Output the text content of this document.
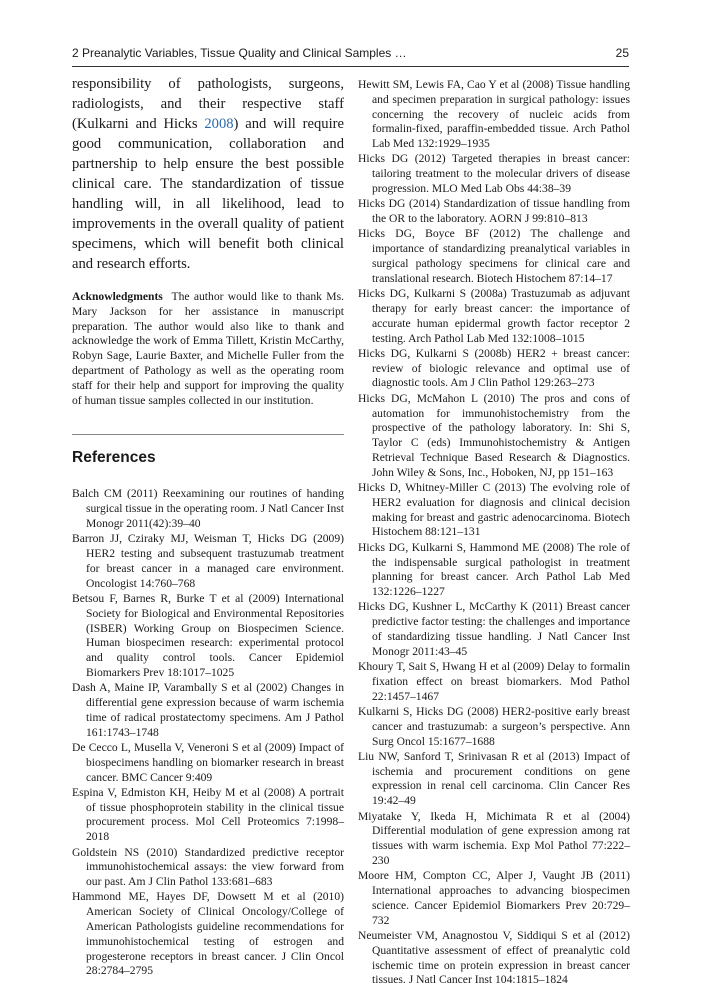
2 Preanalytic Variables, Tissue Quality and Clinical Samples …	25

responsibility of pathologists, surgeons, radiologists, and their respective staff (Kulkarni and Hicks 2008) and will require good communication, collaboration and partnership to help ensure the best possible clinical care. The standardization of tissue handling will, in all likelihood, lead to improvements in the overall quality of patient specimens, which will benefit both clinical and research efforts.

Acknowledgments The author would like to thank Ms. Mary Jackson for her assistance in manuscript preparation. The author would also like to thank and acknowledge the work of Emma Tillett, Kristin McCarthy, Robyn Sage, Laurie Baxter, and Michelle Fuller from the department of Pathology as well as the operating room staff for their help and support for improving the quality of human tissue samples collected in our institution.
References
Balch CM (2011) Reexamining our routines of handing surgical tissue in the operating room. J Natl Cancer Inst Monogr 2011(42):39–40
Barron JJ, Cziraky MJ, Weisman T, Hicks DG (2009) HER2 testing and subsequent trastuzumab treatment for breast cancer in a managed care environment. Oncologist 14:760–768
Betsou F, Barnes R, Burke T et al (2009) International Society for Biological and Environmental Repositories (ISBER) Working Group on Biospecimen Science. Human biospecimen research: experimental protocol and quality control tools. Cancer Epidemiol Biomarkers Prev 18:1017–1025
Dash A, Maine IP, Varambally S et al (2002) Changes in differential gene expression because of warm ischemia time of radical prostatectomy specimens. Am J Pathol 161:1743–1748
De Cecco L, Musella V, Veneroni S et al (2009) Impact of biospecimens handling on biomarker research in breast cancer. BMC Cancer 9:409
Espina V, Edmiston KH, Heiby M et al (2008) A portrait of tissue phosphoprotein stability in the clinical tissue procurement process. Mol Cell Proteomics 7:1998–2018
Goldstein NS (2010) Standardized predictive receptor immunohistochemical assays: the view forward from our past. Am J Clin Pathol 133:681–683
Hammond ME, Hayes DF, Dowsett M et al (2010) American Society of Clinical Oncology/College of American Pathologists guideline recommendations for immunohistochemical testing of estrogen and progesterone receptors in breast cancer. J Clin Oncol 28:2784–2795
Hewitt SM, Lewis FA, Cao Y et al (2008) Tissue handling and specimen preparation in surgical pathology: issues concerning the recovery of nucleic acids from formalin-fixed, paraffin-embedded tissue. Arch Pathol Lab Med 132:1929–1935
Hicks DG (2012) Targeted therapies in breast cancer: tailoring treatment to the molecular drivers of disease progression. MLO Med Lab Obs 44:38–39
Hicks DG (2014) Standardization of tissue handling from the OR to the laboratory. AORN J 99:810–813
Hicks DG, Boyce BF (2012) The challenge and importance of standardizing preanalytical variables in surgical pathology specimens for clinical care and translational research. Biotech Histochem 87:14–17
Hicks DG, Kulkarni S (2008a) Trastuzumab as adjuvant therapy for early breast cancer: the importance of accurate human epidermal growth factor receptor 2 testing. Arch Pathol Lab Med 132:1008–1015
Hicks DG, Kulkarni S (2008b) HER2 + breast cancer: review of biologic relevance and optimal use of diagnostic tools. Am J Clin Pathol 129:263–273
Hicks DG, McMahon L (2010) The pros and cons of automation for immunohistochemistry from the prospective of the pathology laboratory. In: Shi S, Taylor C (eds) Immunohistochemistry & Antigen Retrieval Technique Based Research & Diagnostics. John Wiley & Sons, Inc., Hoboken, NJ, pp 151–163
Hicks D, Whitney-Miller C (2013) The evolving role of HER2 evaluation for diagnosis and clinical decision making for breast and gastric adenocarcinoma. Biotech Histochem 88:121–131
Hicks DG, Kulkarni S, Hammond ME (2008) The role of the indispensable surgical pathologist in treatment planning for breast cancer. Arch Pathol Lab Med 132:1226–1227
Hicks DG, Kushner L, McCarthy K (2011) Breast cancer predictive factor testing: the challenges and importance of standardizing tissue handling. J Natl Cancer Inst Monogr 2011:43–45
Khoury T, Sait S, Hwang H et al (2009) Delay to formalin fixation effect on breast biomarkers. Mod Pathol 22:1457–1467
Kulkarni S, Hicks DG (2008) HER2-positive early breast cancer and trastuzumab: a surgeon’s perspective. Ann Surg Oncol 15:1677–1688
Liu NW, Sanford T, Srinivasan R et al (2013) Impact of ischemia and procurement conditions on gene expression in renal cell carcinoma. Clin Cancer Res 19:42–49
Miyatake Y, Ikeda H, Michimata R et al (2004) Differential modulation of gene expression among rat tissues with warm ischemia. Exp Mol Pathol 77:222–230
Moore HM, Compton CC, Alper J, Vaught JB (2011) International approaches to advancing biospecimen science. Cancer Epidemiol Biomarkers Prev 20:729–732
Neumeister VM, Anagnostou V, Siddiqui S et al (2012) Quantitative assessment of effect of preanalytic cold ischemic time on protein expression in breast cancer tissues. J Natl Cancer Inst 104:1815–1824
